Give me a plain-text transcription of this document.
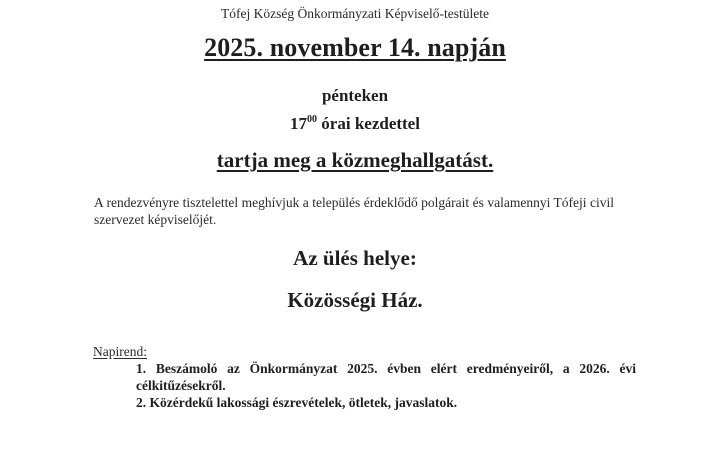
Tófej Község Önkormányzati Képviselő-testülete
2025. november 14. napján
pénteken
$17^{00}$ órai kezdettel
tartja meg a közmeghallgatást.
A rendezvényre tisztelettel meghívjuk a település érdeklődő polgárait és valamennyi Tófeji civil szervezet képviselőjét.
Az ülés helye:
Közösségi Ház.
Napirend:
1. Beszámoló az Önkormányzat 2025. évben elért eredményeiről, a 2026. évi célkitűzésekről.
2. Közérdekű lakossági észrevételek, ötletek, javaslatok.
